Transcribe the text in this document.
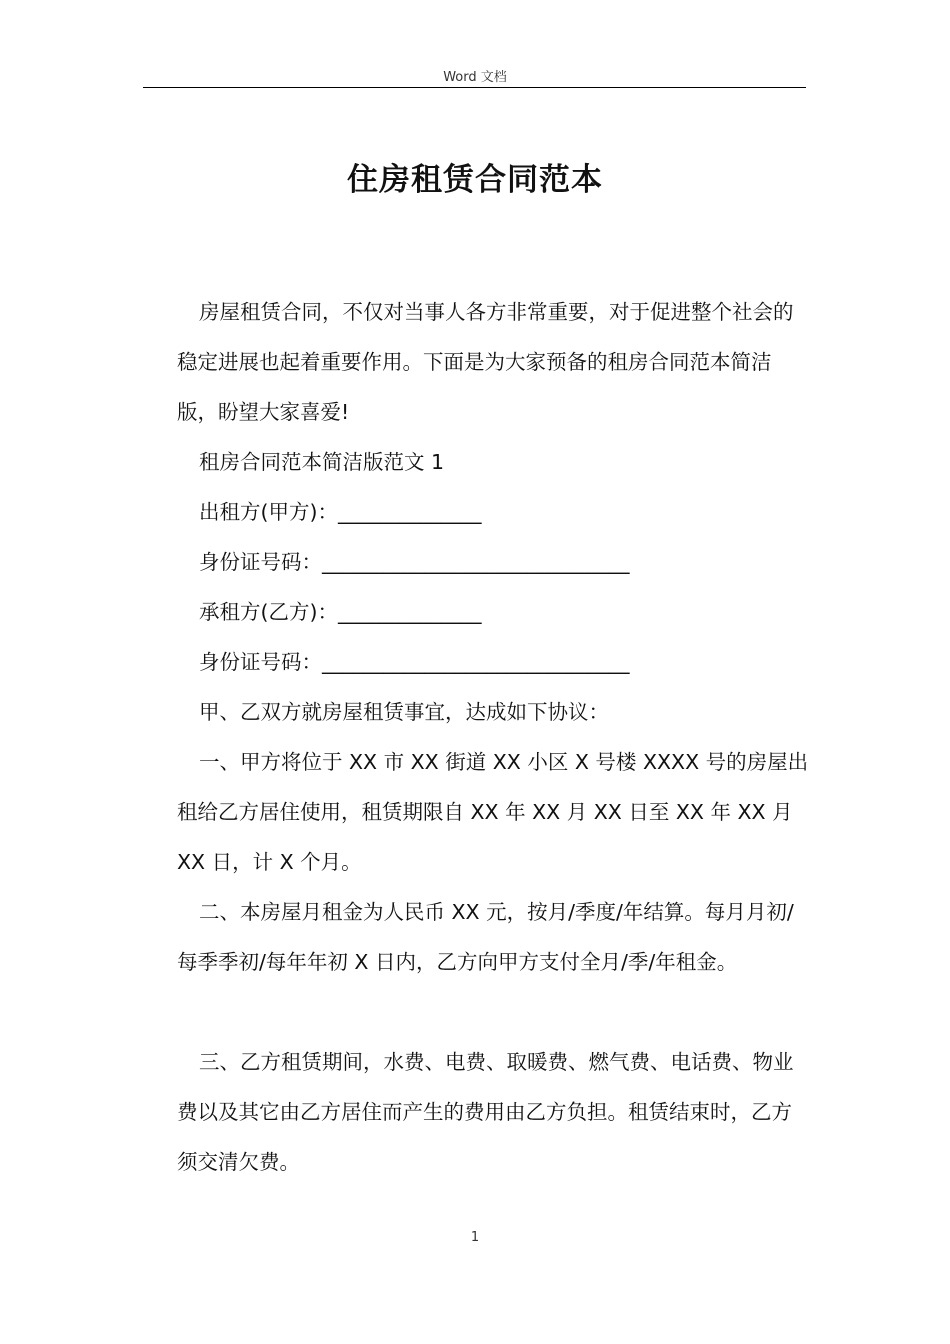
Word 文档
住房租赁合同范本

房屋租赁合同，不仅对当事人各方非常重要，对于促进整个社会的稳定进展也起着重要作用。下面是为大家预备的租房合同范本简洁版，盼望大家喜爱!

租房合同范本简洁版范文 1

出租方(甲方)：______________

身份证号码：______________________________

承租方(乙方)：______________

身份证号码：______________________________

甲、乙双方就房屋租赁事宜，达成如下协议：

一、甲方将位于 XX 市 XX 街道 XX 小区 X 号楼 XXXX 号的房屋出租给乙方居住使用，租赁期限自 XX 年 XX 月 XX 日至 XX 年 XX 月 XX 日，计 X 个月。

二、本房屋月租金为人民币 XX 元，按月/季度/年结算。每月月初/每季季初/每年年初 X 日内，乙方向甲方支付全月/季/年租金。

三、乙方租赁期间，水费、电费、取暖费、燃气费、电话费、物业费以及其它由乙方居住而产生的费用由乙方负担。租赁结束时，乙方须交清欠费。

1
